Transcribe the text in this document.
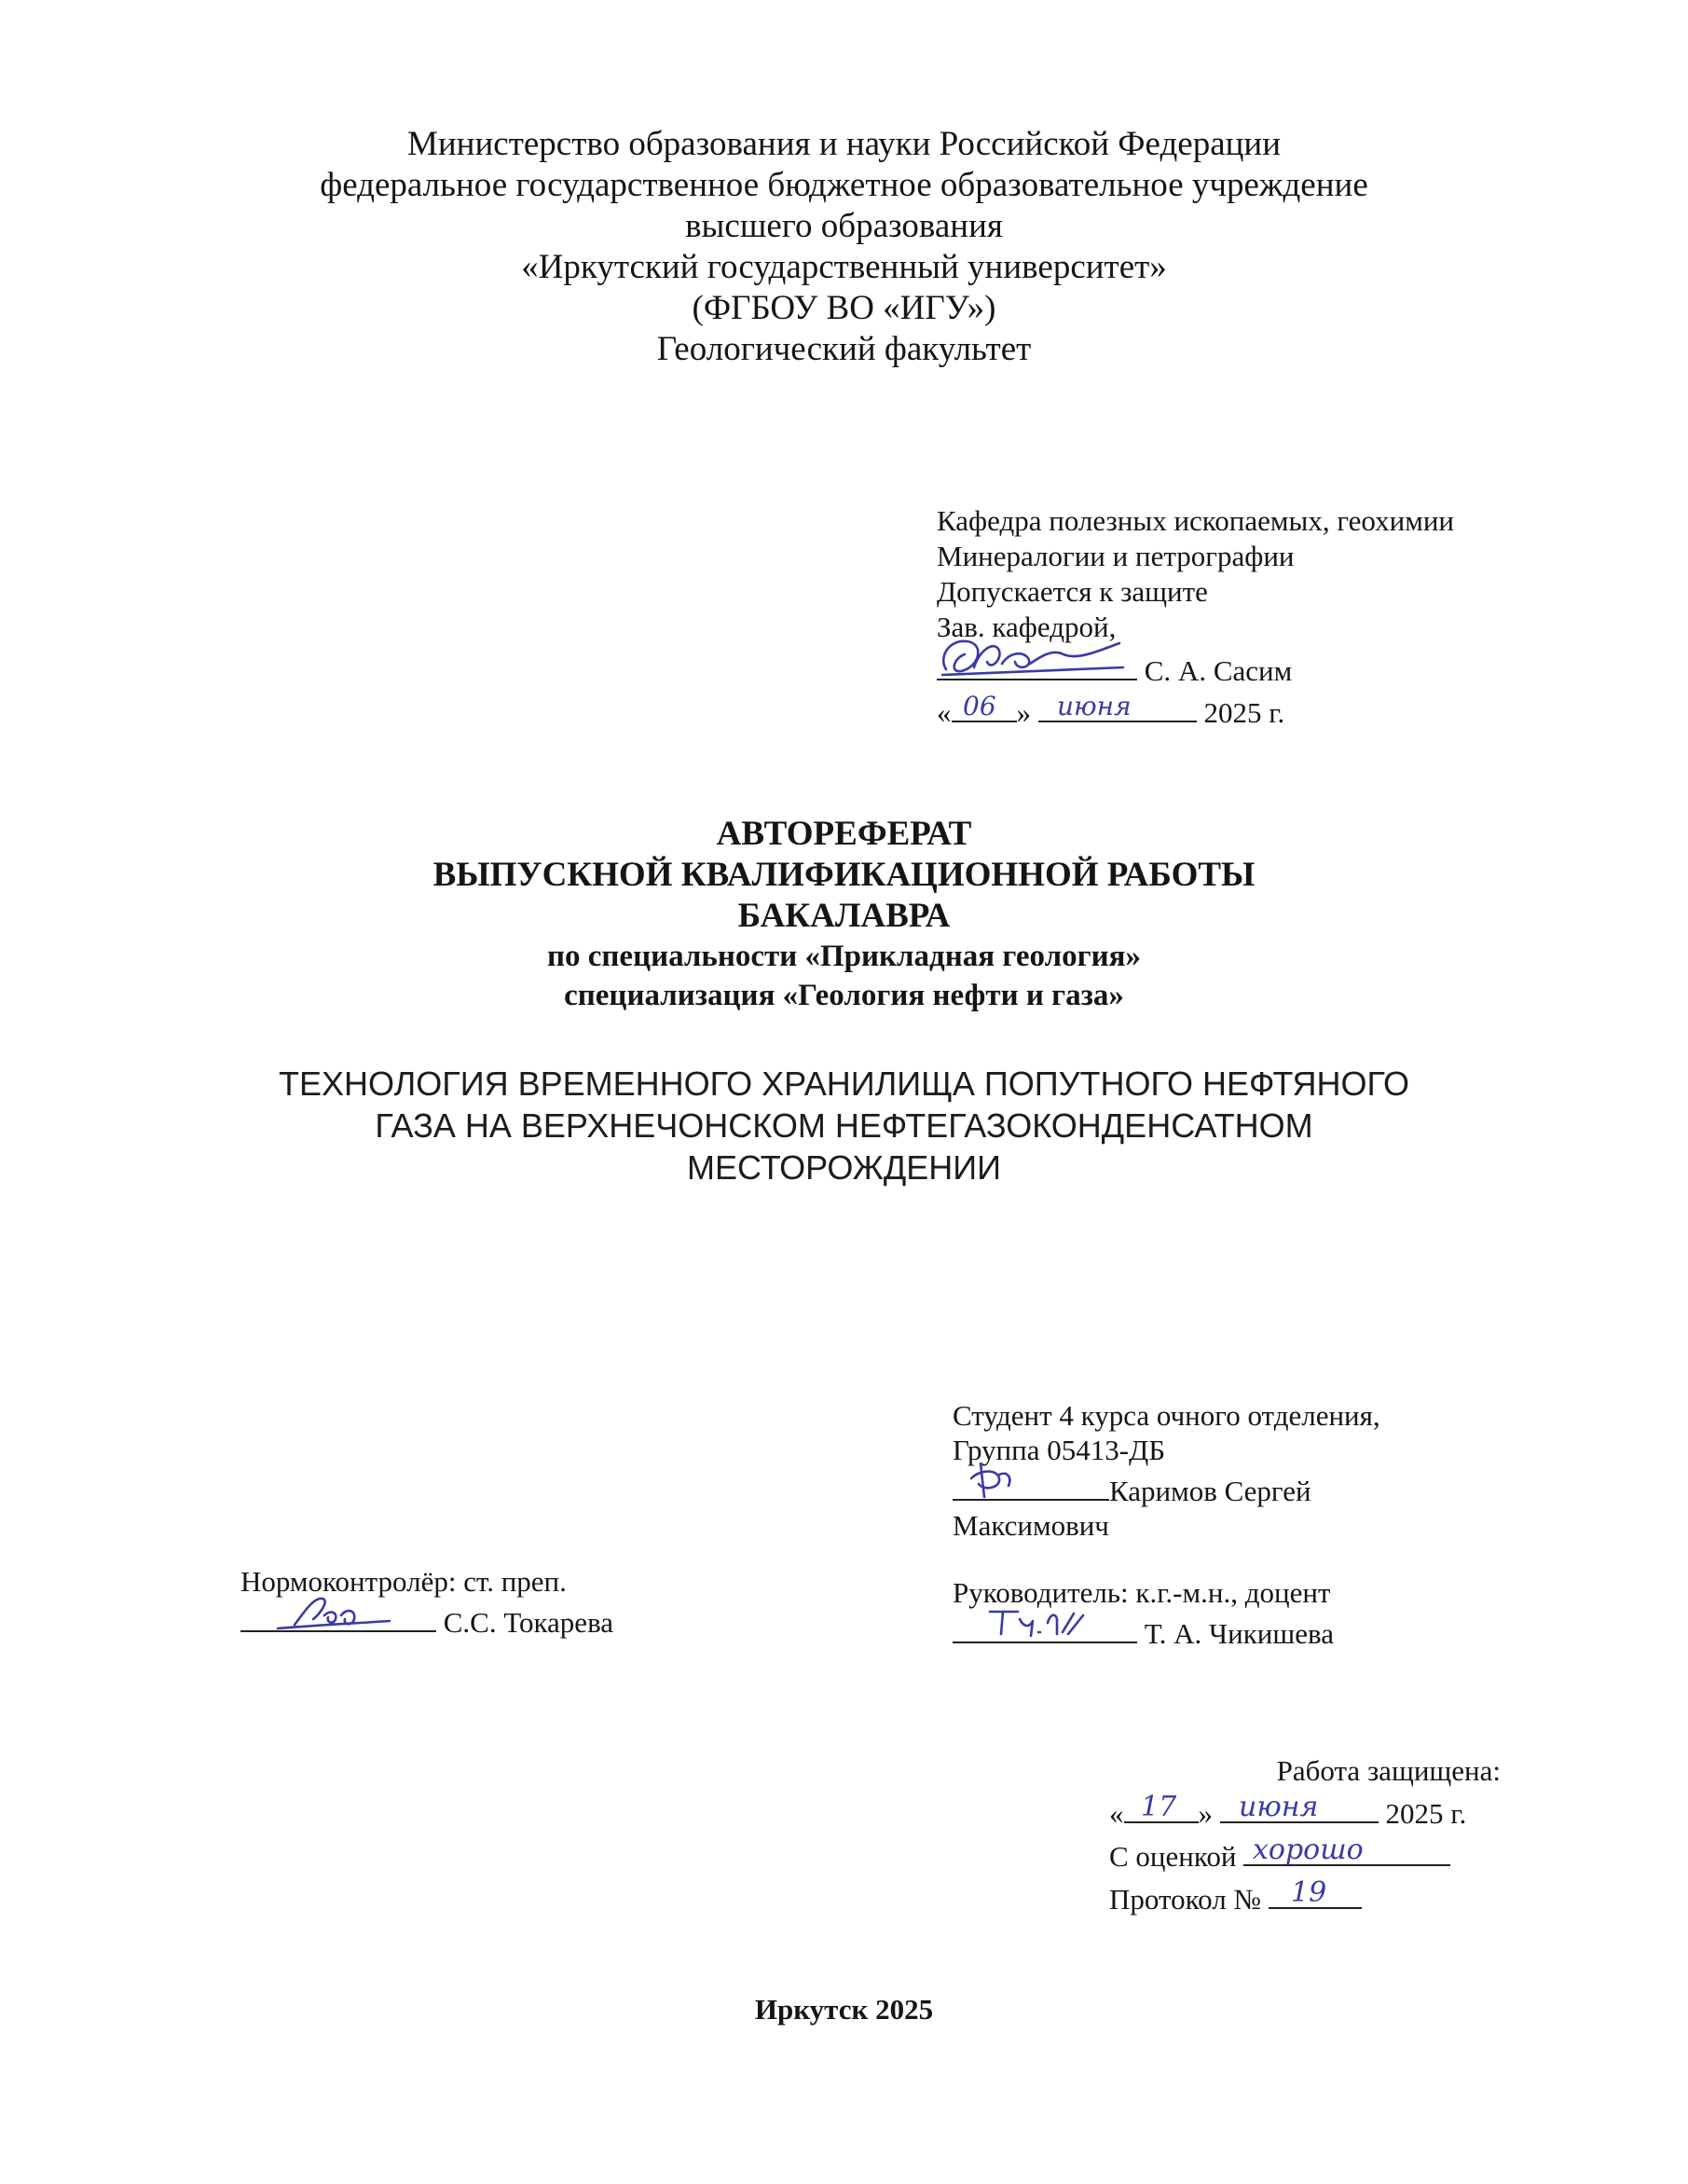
Министерство образования и науки Российской Федерации
федеральное государственное бюджетное образовательное учреждение
высшего образования
«Иркутский государственный университет»
(ФГБОУ ВО «ИГУ»)
Геологический факультет
Кафедра полезных ископаемых, геохимии
Минералогии и петрографии
Допускается к защите
Зав. кафедрой,
С. А. Сасим
« 06 » июня	2025 г.
АВТОРЕФЕРАТ
ВЫПУСКНОЙ КВАЛИФИКАЦИОННОЙ РАБОТЫ
БАКАЛАВРА
по специальности «Прикладная геология»
специализация «Геология нефти и газа»
ТЕХНОЛОГИЯ ВРЕМЕННОГО ХРАНИЛИЩА ПОПУТНОГО НЕФТЯНОГО
ГАЗА НА ВЕРХНЕЧОНСКОМ НЕФТЕГАЗОКОНДЕНСАТНОМ
МЕСТОРОЖДЕНИИ
Студент 4 курса очного отделения,
Группа 05413-ДБ
Каримов Сергей
Максимович
Нормоконтролёр: ст. преп.
С.С. Токарева
Руководитель: к.г.-м.н., доцент
Т. А. Чикишева
Работа защищена:
« 17 » июня 2025 г.
С оценкой хорошо
Протокол № 19
Иркутск 2025
